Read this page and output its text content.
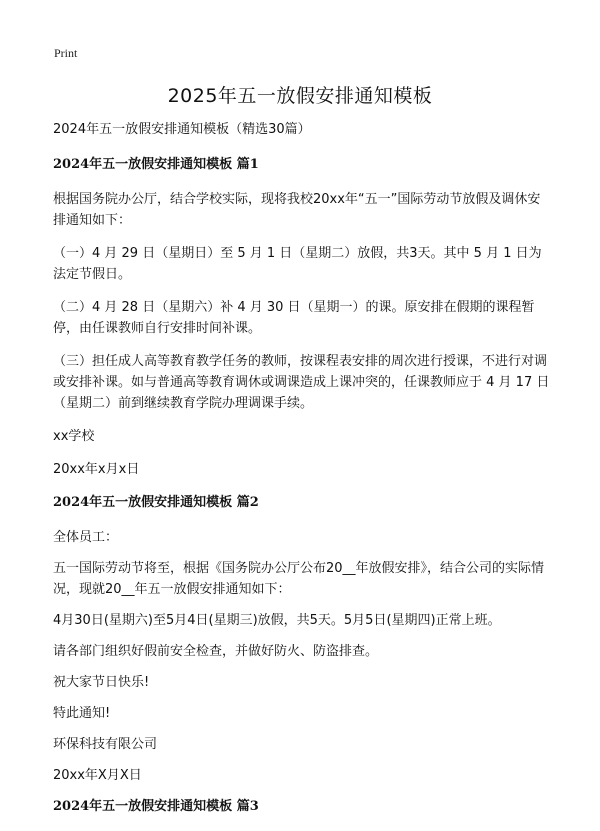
Print
2025年五一放假安排通知模板

2024年五一放假安排通知模板（精选30篇）

2024年五一放假安排通知模板 篇1

根据国务院办公厅，结合学校实际，现将我校20xx年“五一”国际劳动节放假及调休安排通知如下：

（一）4 月 29 日（星期日）至 5 月 1 日（星期二）放假，共3天。其中 5 月 1 日为法定节假日。

（二）4 月 28 日（星期六）补 4 月 30 日（星期一）的课。原安排在假期的课程暂停，由任课教师自行安排时间补课。

（三）担任成人高等教育教学任务的教师，按课程表安排的周次进行授课，不进行对调或安排补课。如与普通高等教育调休或调课造成上课冲突的，任课教师应于 4 月 17 日（星期二）前到继续教育学院办理调课手续。

xx学校

20xx年x月x日

2024年五一放假安排通知模板 篇2

全体员工：

五一国际劳动节将至，根据《国务院办公厅公布20__年放假安排》，结合公司的实际情况，现就20__年五一放假安排通知如下：

4月30日(星期六)至5月4日(星期三)放假，共5天。5月5日(星期四)正常上班。

请各部门组织好假前安全检查，并做好防火、防盗排查。

祝大家节日快乐!

特此通知!

环保科技有限公司

20xx年X月X日

2024年五一放假安排通知模板 篇3
